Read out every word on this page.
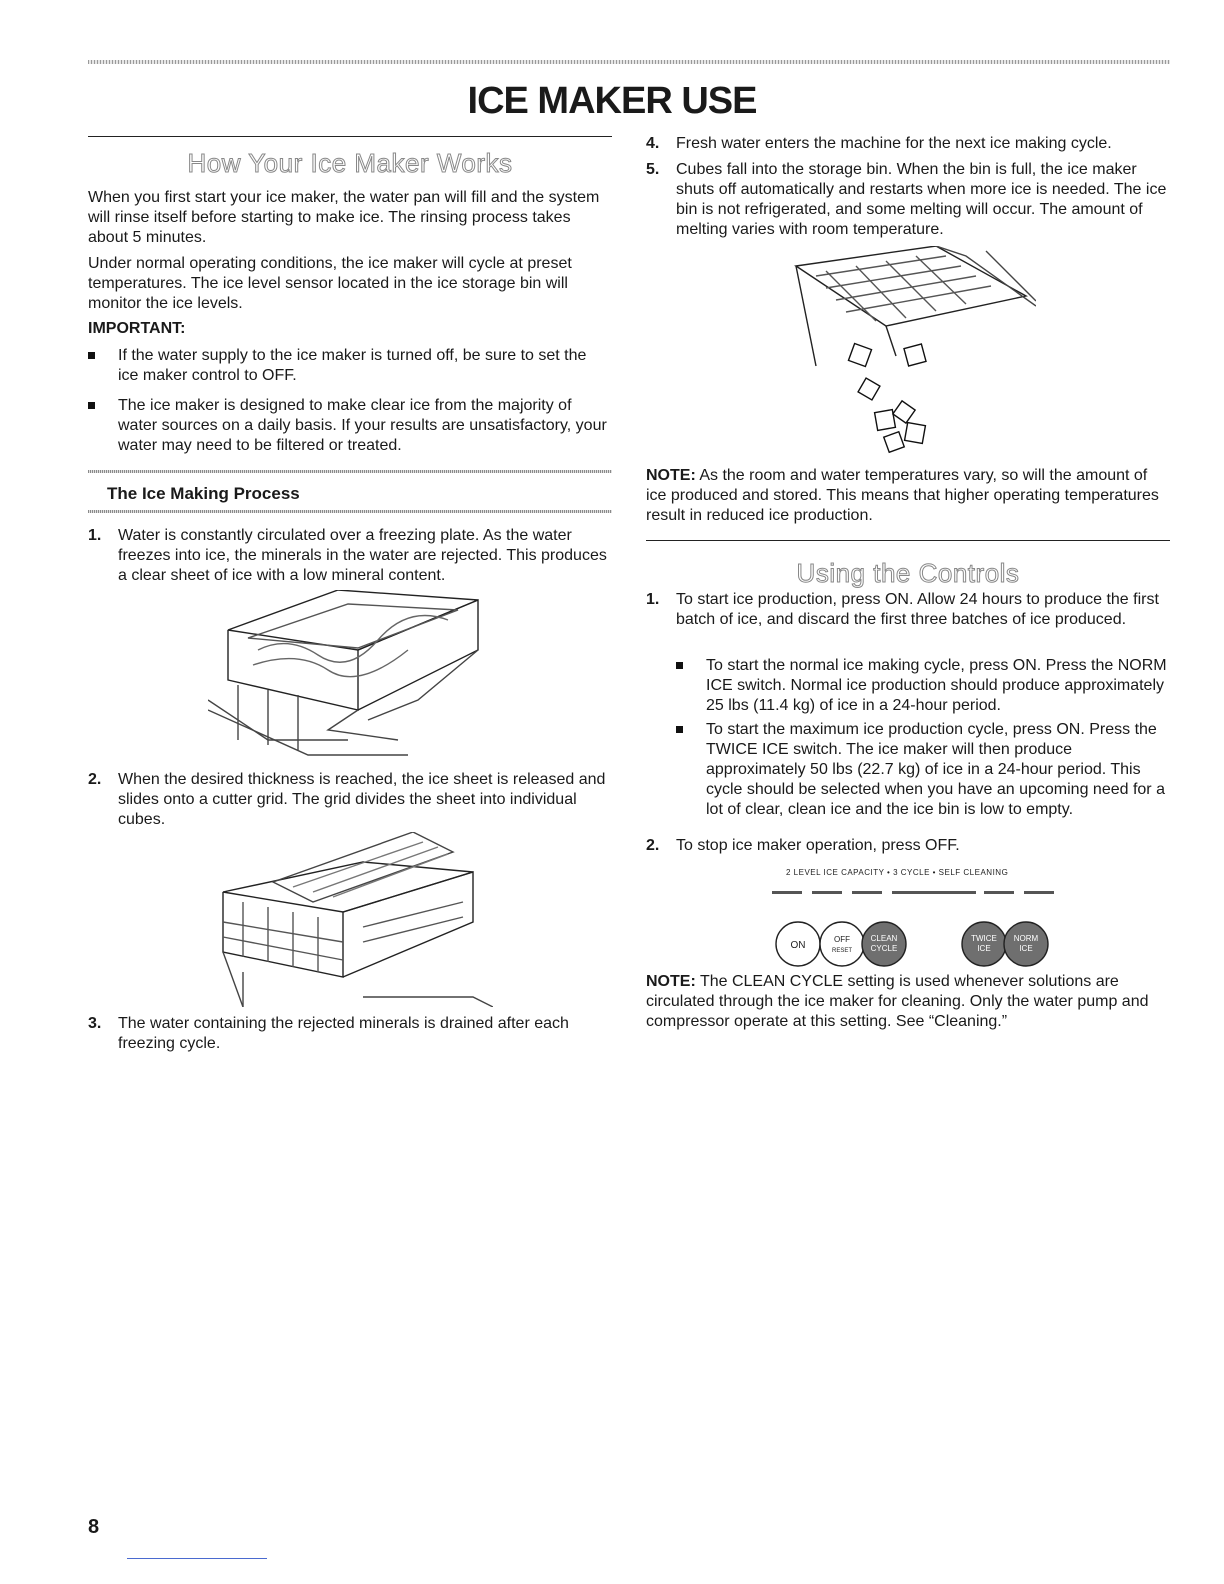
ICE MAKER USE
How Your Ice Maker Works

When you first start your ice maker, the water pan will fill and the system will rinse itself before starting to make ice. The rinsing process takes about 5 minutes.

Under normal operating conditions, the ice maker will cycle at preset temperatures. The ice level sensor located in the ice storage bin will monitor the ice levels.

IMPORTANT:
If the water supply to the ice maker is turned off, be sure to set the ice maker control to OFF.
The ice maker is designed to make clear ice from the majority of water sources on a daily basis. If your results are unsatisfactory, your water may need to be filtered or treated.
The Ice Making Process
1. Water is constantly circulated over a freezing plate. As the water freezes into ice, the minerals in the water are rejected. This produces a clear sheet of ice with a low mineral content.
2. When the desired thickness is reached, the ice sheet is released and slides onto a cutter grid. The grid divides the sheet into individual cubes.
3. The water containing the rejected minerals is drained after each freezing cycle.
4. Fresh water enters the machine for the next ice making cycle.
5. Cubes fall into the storage bin. When the bin is full, the ice maker shuts off automatically and restarts when more ice is needed. The ice bin is not refrigerated, and some melting will occur. The amount of melting varies with room temperature.

NOTE: As the room and water temperatures vary, so will the amount of ice produced and stored. This means that higher operating temperatures result in reduced ice production.

Using the Controls
1. To start ice production, press ON. Allow 24 hours to produce the first batch of ice, and discard the first three batches of ice produced.
To start the normal ice making cycle, press ON. Press the NORM ICE switch. Normal ice production should produce approximately 25 lbs (11.4 kg) of ice in a 24-hour period.
To start the maximum ice production cycle, press ON. Press the TWICE ICE switch. The ice maker will then produce approximately 50 lbs (22.7 kg) of ice in a 24-hour period. This cycle should be selected when you have an upcoming need for a lot of clear, clean ice and the ice bin is low to empty.
2. To stop ice maker operation, press OFF.
2 LEVEL ICE CAPACITY • 3 CYCLE • SELF CLEANING
ON
OFF
RESET
CLEAN
CYCLE
TWICE
ICE
NORM
ICE

NOTE: The CLEAN CYCLE setting is used whenever solutions are circulated through the ice maker for cleaning. Only the water pump and compressor operate at this setting. See “Cleaning.”

8
